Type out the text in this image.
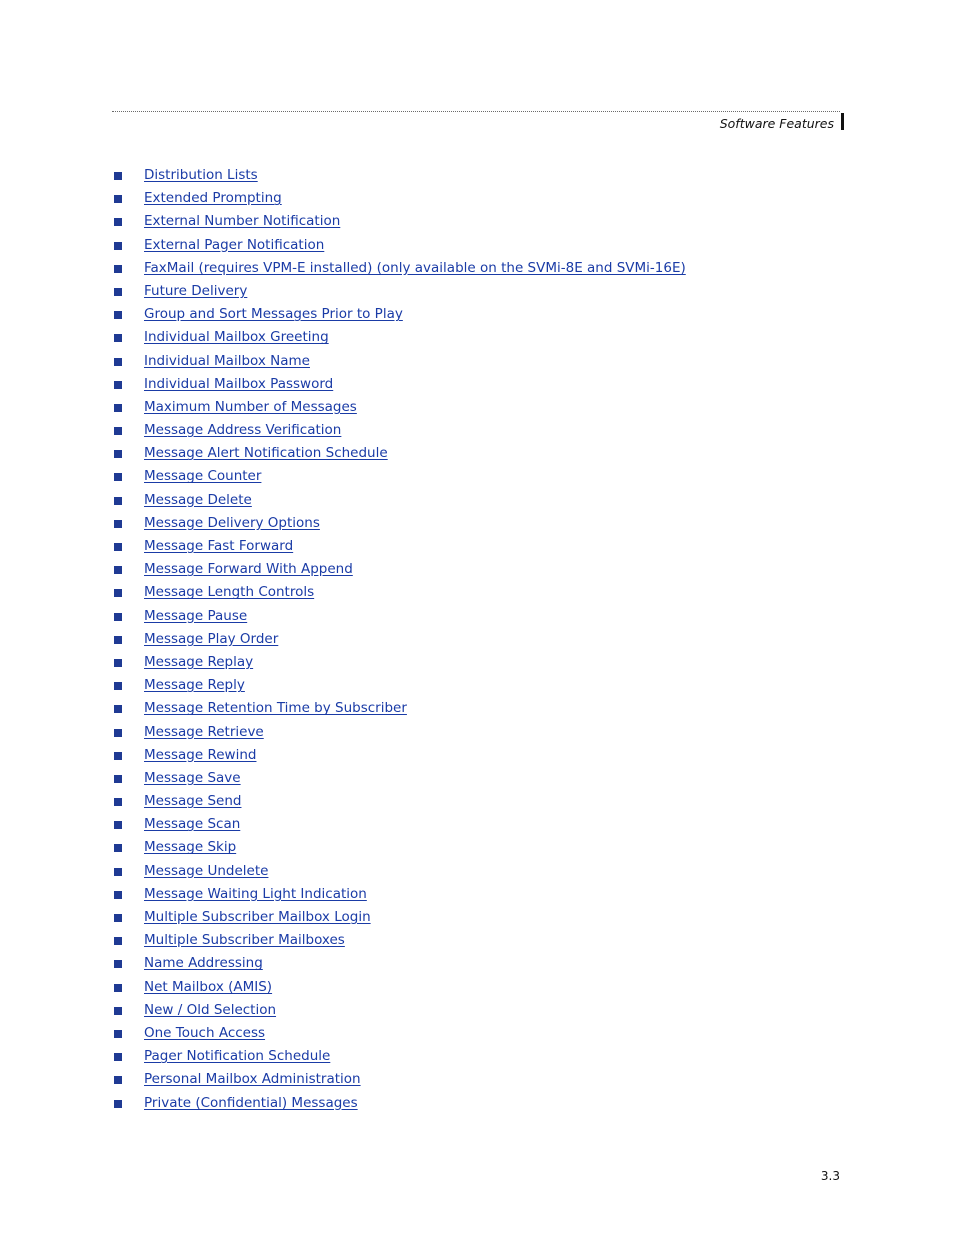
Software Features
Distribution Lists
Extended Prompting
External Number Notification
External Pager Notification
FaxMail (requires VPM-E installed) (only available on the SVMi-8E and SVMi-16E)
Future Delivery
Group and Sort Messages Prior to Play
Individual Mailbox Greeting
Individual Mailbox Name
Individual Mailbox Password
Maximum Number of Messages
Message Address Verification
Message Alert Notification Schedule
Message Counter
Message Delete
Message Delivery Options
Message Fast Forward
Message Forward With Append
Message Length Controls
Message Pause
Message Play Order
Message Replay
Message Reply
Message Retention Time by Subscriber
Message Retrieve
Message Rewind
Message Save
Message Send
Message Scan
Message Skip
Message Undelete
Message Waiting Light Indication
Multiple Subscriber Mailbox Login
Multiple Subscriber Mailboxes
Name Addressing
Net Mailbox (AMIS)
New / Old Selection
One Touch Access
Pager Notification Schedule
Personal Mailbox Administration
Private (Confidential) Messages
3.3
